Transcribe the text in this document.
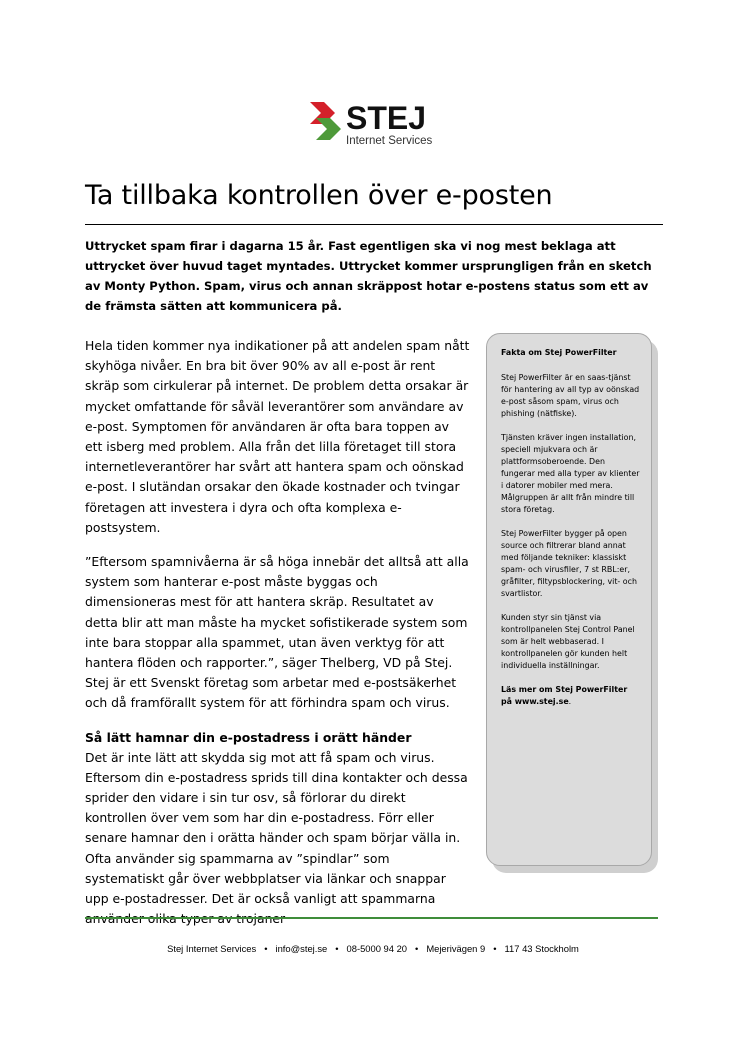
STEJ
Internet Services
Ta tillbaka kontrollen över e-posten

Uttrycket spam firar i dagarna 15 år. Fast egentligen ska vi nog mest beklaga att uttrycket över huvud taget myntades. Uttrycket kommer ursprungligen från en sketch av Monty Python. Spam, virus och annan skräppost hotar e-postens status som ett av de främsta sätten att kommunicera på.

Hela tiden kommer nya indikationer på att andelen spam nått skyhöga nivåer. En bra bit över 90% av all e-post är rent skräp som cirkulerar på internet. De problem detta orsakar är mycket omfattande för såväl leverantörer som användare av e-post. Symptomen för användaren är ofta bara toppen av ett isberg med problem. Alla från det lilla företaget till stora internetleverantörer har svårt att hantera spam och oönskad e-post. I slutändan orsakar den ökade kostnader och tvingar företagen att investera i dyra och ofta komplexa e-postsystem.

”Eftersom spamnivåerna är så höga innebär det alltså att alla system som hanterar e-post måste byggas och dimensioneras mest för att hantera skräp. Resultatet av detta blir att man måste ha mycket sofistikerade system som inte bara stoppar alla spammet, utan även verktyg för att hantera flöden och rapporter.”, säger Thelberg, VD på Stej. Stej är ett Svenskt företag som arbetar med e-postsäkerhet och då framförallt system för att förhindra spam och virus.

Så lätt hamnar din e-postadress i orätt händer

Det är inte lätt att skydda sig mot att få spam och virus. Eftersom din e-postadress sprids till dina kontakter och dessa sprider den vidare i sin tur osv, så förlorar du direkt kontrollen över vem som har din e-postadress. Förr eller senare hamnar den i orätta händer och spam börjar välla in. Ofta använder sig spammarna av ”spindlar” som systematiskt går över webbplatser via länkar och snappar upp e-postadresser. Det är också vanligt att spammarna

Fakta om Stej PowerFilter

Stej PowerFilter är en saas-tjänst för hantering av all typ av oönskad e-post såsom spam, virus och phishing (nätfiske).

Tjänsten kräver ingen installation, speciell mjukvara och är plattformsoberoende. Den fungerar med alla typer av klienter i datorer mobiler med mera. Målgruppen är allt från mindre till stora företag.

Stej PowerFilter bygger på open source och filtrerar bland annat med följande tekniker: klassiskt spam- och virusfiler, 7 st RBL:er, gråfilter, filtypsblockering, vit- och svartlistor.

Kunden styr sin tjänst via kontrollpanelen Stej Control Panel som är helt webbaserad. I kontrollpanelen gör kunden helt individuella inställningar.

Läs mer om Stej PowerFilter på www.stej.se.

Stej Internet Services • info@stej.se • 08-5000 94 20 • Mejerivägen 9 • 117 43 Stockholm
